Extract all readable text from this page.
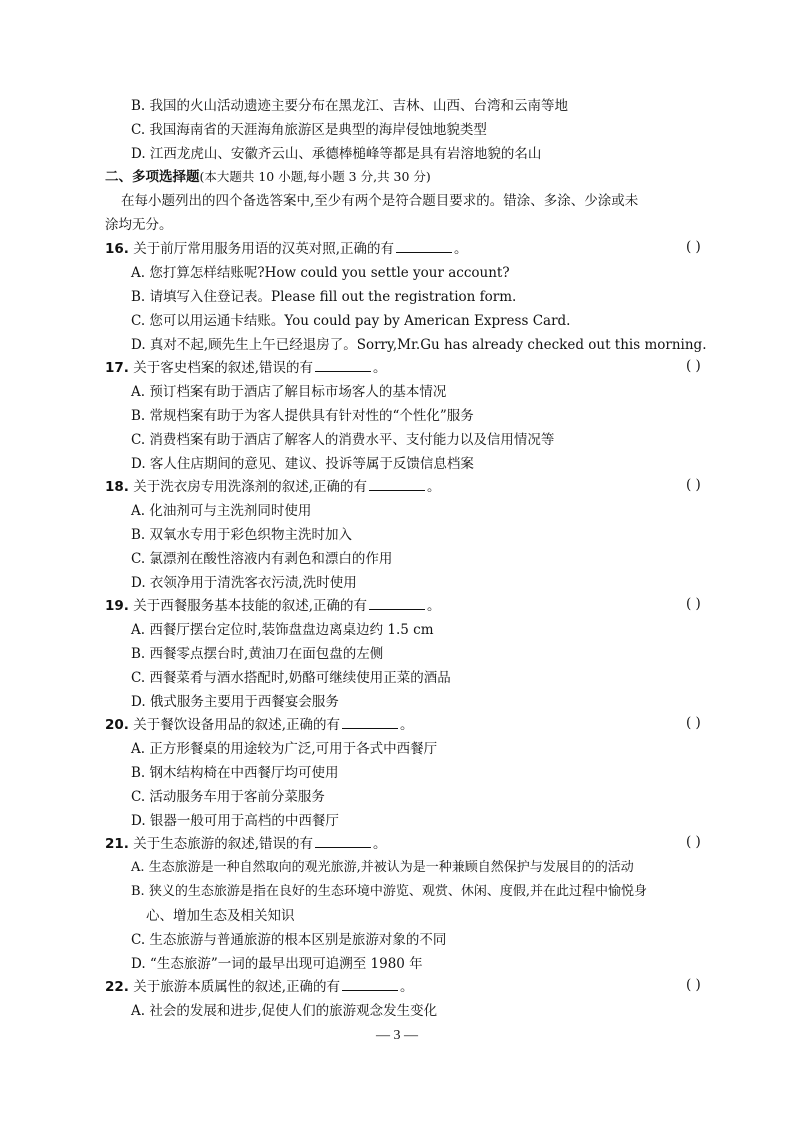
B. 我国的火山活动遗迹主要分布在黑龙江、吉林、山西、台湾和云南等地
C. 我国海南省的天涯海角旅游区是典型的海岸侵蚀地貌类型
D. 江西龙虎山、安徽齐云山、承德棒槌峰等都是具有岩溶地貌的名山
二、多项选择题(本大题共 10 小题,每小题 3 分,共 30 分)
在每小题列出的四个备选答案中,至少有两个是符合题目要求的。错涂、多涂、少涂或未
涂均无分。
16. 关于前厅常用服务用语的汉英对照,正确的有	。	( )
A. 您打算怎样结账呢?How could you settle your account?
B. 请填写入住登记表。Please fill out the registration form.
C. 您可以用运通卡结账。You could pay by American Express Card.
D. 真对不起,顾先生上午已经退房了。Sorry,Mr.Gu has already checked out this morning.
17. 关于客史档案的叙述,错误的有	。	( )
A. 预订档案有助于酒店了解目标市场客人的基本情况
B. 常规档案有助于为客人提供具有针对性的“个性化”服务
C. 消费档案有助于酒店了解客人的消费水平、支付能力以及信用情况等
D. 客人住店期间的意见、建议、投诉等属于反馈信息档案
18. 关于洗衣房专用洗涤剂的叙述,正确的有	。	( )
A. 化油剂可与主洗剂同时使用
B. 双氧水专用于彩色织物主洗时加入
C. 氯漂剂在酸性溶液内有剥色和漂白的作用
D. 衣领净用于清洗客衣污渍,洗时使用
19. 关于西餐服务基本技能的叙述,正确的有	。	( )
A. 西餐厅摆台定位时,装饰盘盘边离桌边约 1.5 cm
B. 西餐零点摆台时,黄油刀在面包盘的左侧
C. 西餐菜肴与酒水搭配时,奶酪可继续使用正菜的酒品
D. 俄式服务主要用于西餐宴会服务
20. 关于餐饮设备用品的叙述,正确的有	。	( )
A. 正方形餐桌的用途较为广泛,可用于各式中西餐厅
B. 钢木结构椅在中西餐厅均可使用
C. 活动服务车用于客前分菜服务
D. 银器一般可用于高档的中西餐厅
21. 关于生态旅游的叙述,错误的有	。	( )
A. 生态旅游是一种自然取向的观光旅游,并被认为是一种兼顾自然保护与发展目的的活动
B. 狭义的生态旅游是指在良好的生态环境中游览、观赏、休闲、度假,并在此过程中愉悦身
心、增加生态及相关知识
C. 生态旅游与普通旅游的根本区别是旅游对象的不同
D. “生态旅游”一词的最早出现可追溯至 1980 年
22. 关于旅游本质属性的叙述,正确的有	。	( )
A. 社会的发展和进步,促使人们的旅游观念发生变化
— 3 —
